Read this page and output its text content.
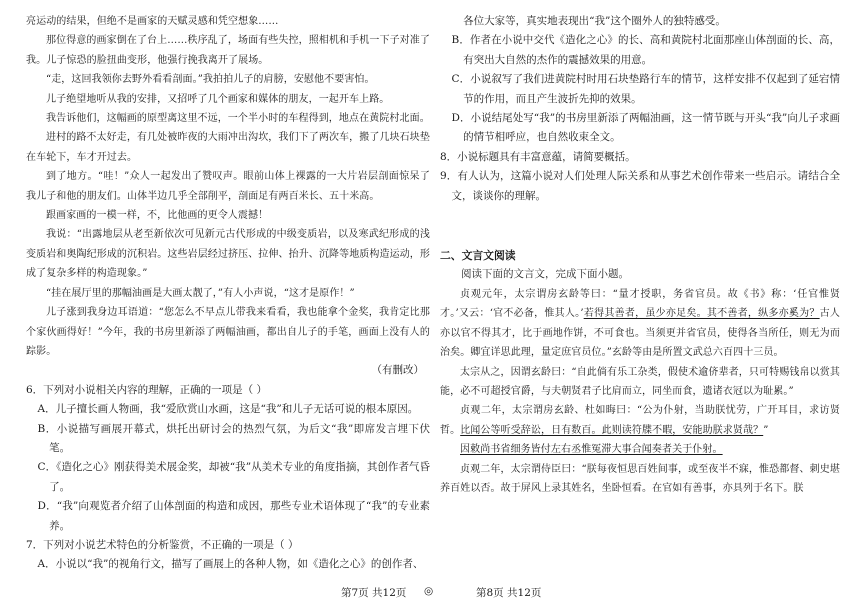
亮运动的结果，但绝不是画家的天赋灵感和凭空想象……

那位得意的画家倒在了台上……秩序乱了，场面有些失控，照相机和手机一下子对准了我。儿子惊恐的脸扭曲变形，他强行挽我离开了展场。

“走，这回我领你去野外看看剖面。”我拍拍儿子的肩膀，安慰他不要害怕。

儿子绝望地听从我的安排，又招呼了几个画家和媒体的朋友，一起开车上路。

我告诉他们，这幅画的原型离这里不远，一个半小时的车程得到，地点在黄院村北面。

进村的路不太好走，有几处被昨夜的大雨冲出沟坎，我们下了两次车，搬了几块石块垫在车轮下，车才开过去。

到了地方。“哇！”众人一起发出了赞叹声。眼前山体上裸露的一大片岩层剖面惊呆了我儿子和他的朋友们。山体半边几乎全部削平，剖面足有两百米长、五十米高。

跟画家画的一模一样，不，比他画的更令人震撼！

我说：“出露地层从老至新依次可见新元古代形成的中级变质岩，以及寒武纪形成的浅变质岩和奥陶纪形成的沉积岩。这些岩层经过挤压、拉伸、抬升、沉降等地质构造运动，形成了复杂多样的构造现象。”

“挂在展厅里的那幅油画是大画太靓了，”有人小声说，“这才是原作！”

儿子涨到我身边耳语道：“您怎么不早点儿带我来看看，我也能拿个金奖，我肯定比那个家伙画得好！”今年，我的书房里新添了两幅油画，都出自儿子的手笔，画面上没有人的踪影。

（有删改）

6．下列对小说相关内容的理解，正确的一项是（ ）

A．儿子擅长画人物画，我“爱欣赏山水画，这是“我”和儿子无话可说的根本原因。

B．小说描写画展开幕式，烘托出研讨会的热烈气氛，为后文“我”即席发言埋下伏笔。

C．《造化之心》刚获得美术展金奖，却被“我”从美术专业的角度指摘，其创作者气昏了。

D．“我”向观览者介绍了山体剖面的构造和成因，那些专业术语体现了“我”的专业素养。

7．下列对小说艺术特色的分析鉴赏，不正确的一项是（ ）

A．小说以“我”的视角行文，描写了画展上的各种人物，如《造化之心》的创作者、

各位大家等，真实地表现出“我”这个圈外人的独特感受。

B．作者在小说中交代《造化之心》的长、高和黄院村北面那座山体剖面的长、高，有突出大自然的杰作的震撼效果的用意。

C．小说叙写了我们进黄院村时用石块垫路行车的情节，这样安排不仅起到了延宕情节的作用，而且产生波折先抑的效果。

D．小说结尾处写“我”的书房里新添了两幅油画，这一情节既与开头“我”向儿子求画的情节相呼应，也自然收束全文。

8．小说标题具有丰富意蕴，请简要概括。

9．有人认为，这篇小说对人们处理人际关系和从事艺术创作带来一些启示。请结合全文，谈谈你的理解。

二、文言文阅读

阅读下面的文言文，完成下面小题。

贞观元年，太宗谓房玄龄等曰：“量才授职，务省官员。故《书》称：‘任官惟贤才。’又云：‘官不必备，惟其人。’若得其善者，虽少亦足矣。其不善者，纵多亦奚为？古人亦以官不得其才，比于画地作饼，不可食也。当须更并省官员，使得各当所任，则无为而治矣。卿宜详思此理，量定庶官员位。”玄龄等由是所置文武总六百四十三员。

太宗从之，因谓玄龄曰：“自此倘有乐工杂类，假使术逾侪辈者，只可特赐钱帛以赏其能，必不可超授官爵，与夫朝贤君子比肩而立，同坐而食，遗诸衣冠以为耻累。”

贞观二年，太宗谓房玄龄、杜如晦曰：“公为仆射，当助朕忧劳，广开耳目，求访贤哲。比闻公等听受辞讼，日有数百。此则读符牒不暇，安能助朕求贤哉？”

因敕尚书省细务皆付左右丞惟冤滞大事合闻奏者关于仆射。

贞观二年，太宗谓侍臣曰：“朕每夜恒思百姓间事，或至夜半不寐，惟恐都督、刺史堪养百姓以否。故于屏风上录其姓名，坐卧恒看。在官如有善事，亦具列于名下。朕

第7页 共12页 ◎	第8页 共12页
